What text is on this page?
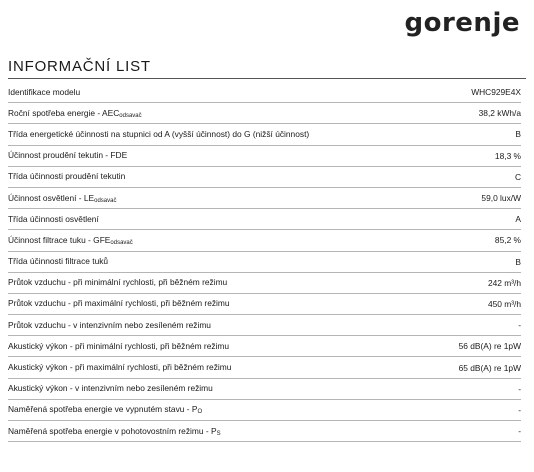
gorenje
INFORMAČNÍ LIST
Identifikace modelu	WHC929E4X
Roční spotřeba energie - $AEC_{odsavač}$	38,2 kWh/a
Třída energetické účinnosti na stupnici od A (vyšší účinnost) do G (nižší účinnost)	B
Účinnost proudění tekutin - FDE	18,3 %
Třída účinnosti proudění tekutin	C
Účinnost osvětlení - $LE_{odsavač}$	59,0 lux/W
Třída účinnosti osvětlení	A
Účinnost filtrace tuku - $GFE_{odsavač}$	85,2 %
Třída účinnosti filtrace tuků	B
Průtok vzduchu - při minimální rychlosti, při běžném režimu	242 m³/h
Průtok vzduchu - při maximální rychlosti, při běžném režimu	450 m³/h
Průtok vzduchu - v intenzivním nebo zesíleném režimu	-
Akustický výkon - při minimální rychlosti, při běžném režimu	56 dB(A) re 1pW
Akustický výkon - při maximální rychlosti, při běžném režimu	65 dB(A) re 1pW
Akustický výkon - v intenzivním nebo zesíleném režimu	-
Naměřená spotřeba energie ve vypnutém stavu - $P_O$	-
Naměřená spotřeba energie v pohotovostním režimu - $P_S$	-
